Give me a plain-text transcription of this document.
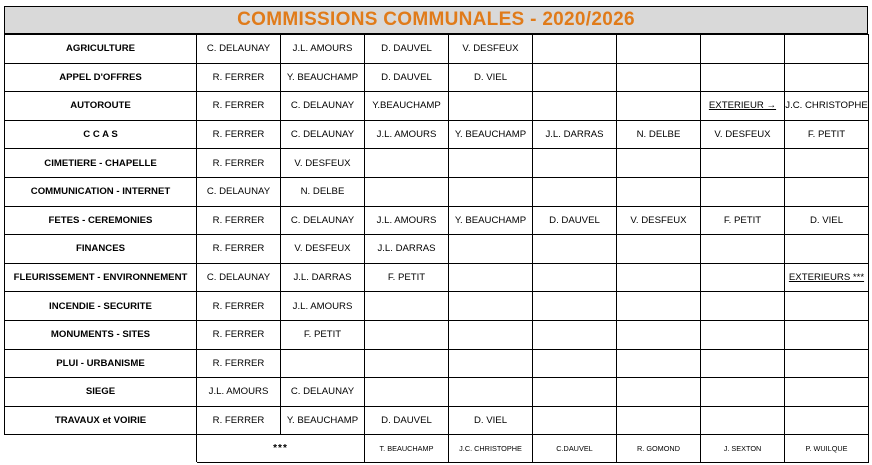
COMMISSIONS COMMUNALES - 2020/2026
AGRICULTURE	C. DELAUNAY	J.L. AMOURS	D. DAUVEL	V. DESFEUX				
APPEL D'OFFRES	R. FERRER	Y. BEAUCHAMP	D. DAUVEL	D. VIEL				
AUTOROUTE	R. FERRER	C. DELAUNAY	Y.BEAUCHAMP				EXTERIEUR →	J.C. CHRISTOPHE
C C A S	R. FERRER	C. DELAUNAY	J.L. AMOURS	Y. BEAUCHAMP	J.L. DARRAS	N. DELBE	V. DESFEUX	F. PETIT
CIMETIERE - CHAPELLE	R. FERRER	V. DESFEUX						
COMMUNICATION - INTERNET	C. DELAUNAY	N. DELBE						
FETES - CEREMONIES	R. FERRER	C. DELAUNAY	J.L. AMOURS	Y. BEAUCHAMP	D. DAUVEL	V. DESFEUX	F. PETIT	D. VIEL
FINANCES	R. FERRER	V. DESFEUX	J.L. DARRAS					
FLEURISSEMENT - ENVIRONNEMENT	C. DELAUNAY	J.L. DARRAS	F. PETIT					EXTERIEURS ***
INCENDIE - SECURITE	R. FERRER	J.L. AMOURS						
MONUMENTS - SITES	R. FERRER	F. PETIT						
PLUI - URBANISME	R. FERRER							
SIEGE	J.L. AMOURS	C. DELAUNAY						
TRAVAUX et VOIRIE	R. FERRER	Y. BEAUCHAMP	D. DAUVEL	D. VIEL				
	***		T. BEAUCHAMP	J.C. CHRISTOPHE	C.DAUVEL	R. GOMOND	J. SEXTON	P. WUILQUE
